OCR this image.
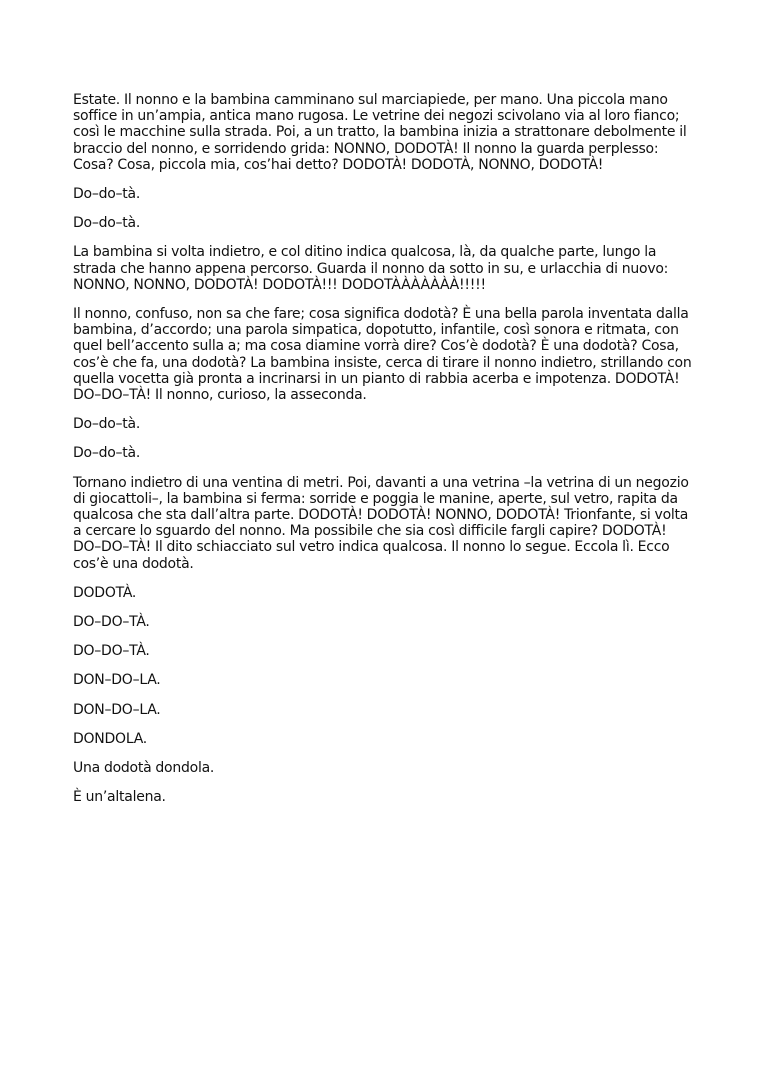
Estate. Il nonno e la bambina camminano sul marciapiede, per mano. Una piccola mano soffice in un’ampia, antica mano rugosa. Le vetrine dei negozi scivolano via al loro fianco; così le macchine sulla strada. Poi, a un tratto, la bambina inizia a strattonare debolmente il braccio del nonno, e sorridendo grida: NONNO, DODOTÀ! Il nonno la guarda perplesso: Cosa? Cosa, piccola mia, cos’hai detto? DODOTÀ! DODOTÀ, NONNO, DODOTÀ!

Do–do–tà.

Do–do–tà.

La bambina si volta indietro, e col ditino indica qualcosa, là, da qualche parte, lungo la strada che hanno appena percorso. Guarda il nonno da sotto in su, e urlacchia di nuovo: NONNO, NONNO, DODOTÀ! DODOTÀ!!! DODOTÀÀÀÀÀÀÀ!!!!!

Il nonno, confuso, non sa che fare; cosa significa dodotà? È una bella parola inventata dalla bambina, d’accordo; una parola simpatica, dopotutto, infantile, così sonora e ritmata, con quel bell’accento sulla a; ma cosa diamine vorrà dire? Cos’è dodotà? È una dodotà? Cosa, cos’è che fa, una dodotà? La bambina insiste, cerca di tirare il nonno indietro, strillando con quella vocetta già pronta a incrinarsi in un pianto di rabbia acerba e impotenza. DODOTÀ! DO–DO–TÀ! Il nonno, curioso, la asseconda.

Do–do–tà.

Do–do–tà.

Tornano indietro di una ventina di metri. Poi, davanti a una vetrina –la vetrina di un negozio di giocattoli–, la bambina si ferma: sorride e poggia le manine, aperte, sul vetro, rapita da qualcosa che sta dall’altra parte. DODOTÀ! DODOTÀ! NONNO, DODOTÀ! Trionfante, si volta a cercare lo sguardo del nonno. Ma possibile che sia così difficile fargli capire? DODOTÀ! DO–DO–TÀ! Il dito schiacciato sul vetro indica qualcosa. Il nonno lo segue. Eccola lì. Ecco cos’è una dodotà.

DODOTÀ.

DO–DO–TÀ.

DO–DO–TÀ.

DON–DO–LA.

DON–DO–LA.

DONDOLA.

Una dodotà dondola.

È un’altalena.
